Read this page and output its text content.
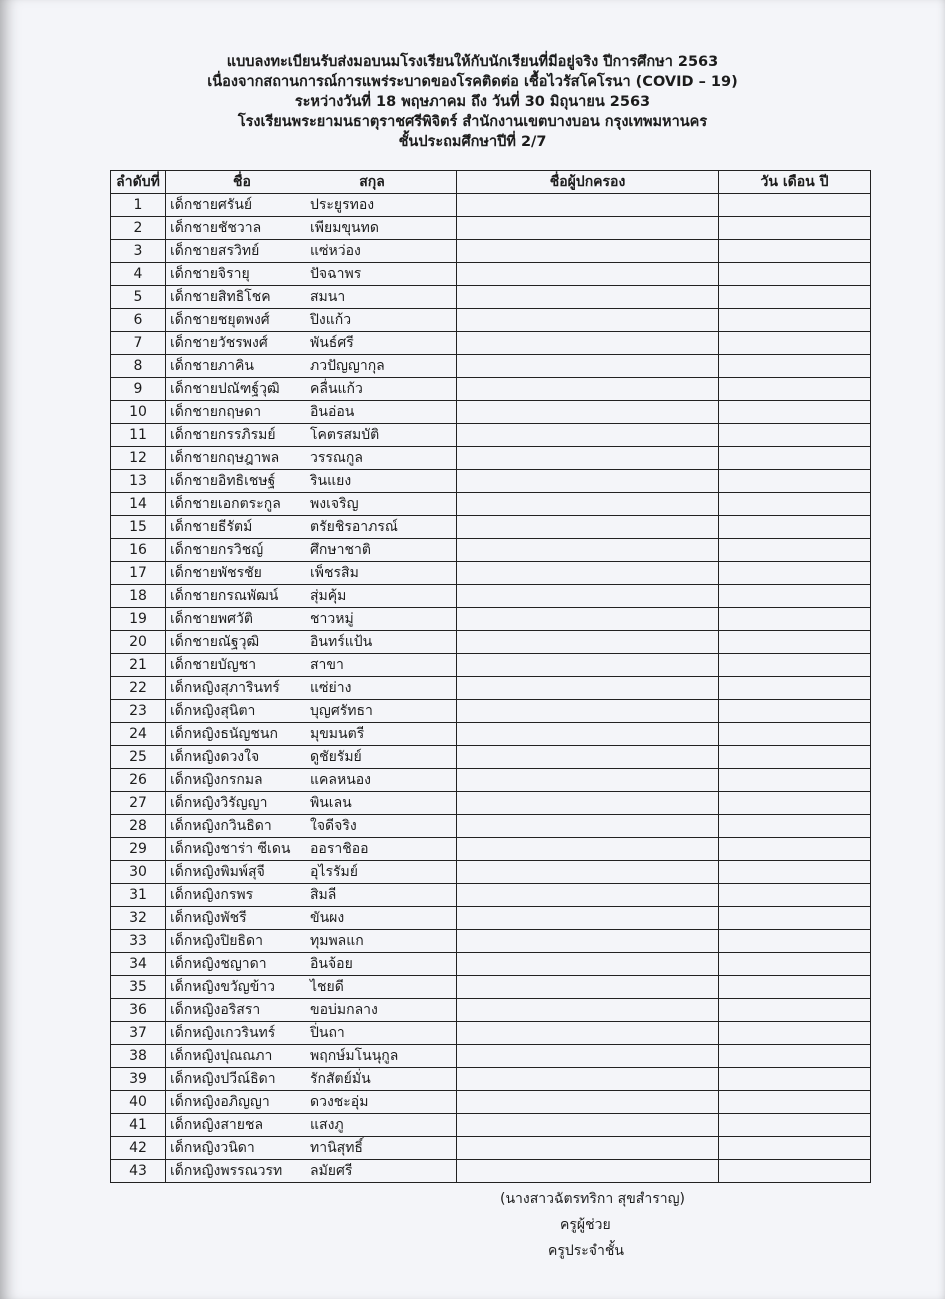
แบบลงทะเบียนรับส่งมอบนมโรงเรียนให้กับนักเรียนที่มีอยู่จริง ปีการศึกษา 2563
เนื่องจากสถานการณ์การแพร่ระบาดของโรคติดต่อ เชื้อไวรัสโคโรนา (COVID – 19)
ระหว่างวันที่ 18 พฤษภาคม ถึง วันที่ 30 มิถุนายน 2563
โรงเรียนพระยามนธาตุราชศรีพิจิตร์ สำนักงานเขตบางบอน กรุงเทพมหานคร
ชั้นประถมศึกษาปีที่ 2/7
ลำดับที่	ชื่อ สกุล	ชื่อผู้ปกครอง	วัน เดือน ปี
1	เด็กชายศรันย์ ประยูรทอง		
2	เด็กชายชัชวาล เพียมขุนทด		
3	เด็กชายสรวิทย์ แซ่หว่อง		
4	เด็กชายจิรายุ ปัจฉาพร		
5	เด็กชายสิทธิโชค สมนา		
6	เด็กชายชยุตพงศ์ ปิงแก้ว		
7	เด็กชายวัชรพงศ์ พันธ์ศรี		
8	เด็กชายภาคิน ภวปัญญากุล		
9	เด็กชายปณัฑฐ์วุฒิ คลื่นแก้ว		
10	เด็กชายกฤษดา อินอ่อน		
11	เด็กชายกรรภิรมย์ โคตรสมบัติ		
12	เด็กชายกฤษฎาพล วรรณกูล		
13	เด็กชายอิทธิเชษฐ์ รินแยง		
14	เด็กชายเอกตระกูล พงเจริญ		
15	เด็กชายธีรัตม์ ตรัยชิรอาภรณ์		
16	เด็กชายกรวิชญ์ ศึกษาชาติ		
17	เด็กชายพัชรชัย เพ็ชรสิม		
18	เด็กชายกรณพัฒน์ สุ่มคุ้ม		
19	เด็กชายพศวัติ ชาวหมู่		
20	เด็กชายณัฐวุฒิ อินทร์แป้น		
21	เด็กชายบัญชา สาขา		
22	เด็กหญิงสุภารินทร์ แซ่ย่าง		
23	เด็กหญิงสุนิตา บุญศรัทธา		
24	เด็กหญิงธนัญชนก มุขมนตรี		
25	เด็กหญิงดวงใจ ดูชัยรัมย์		
26	เด็กหญิงกรกมล แคลหนอง		
27	เด็กหญิงวิรัญญา พินเลน		
28	เด็กหญิงกวินธิดา ใจดีจริง		
29	เด็กหญิงชาร่า ซีเดน ออราชิออ		
30	เด็กหญิงพิมพ์สุจี อุไรรัมย์		
31	เด็กหญิงกรพร สิมลี		
32	เด็กหญิงพัชรี ขันผง		
33	เด็กหญิงปิยธิดา ทุมพลแก		
34	เด็กหญิงชญาดา อินจ้อย		
35	เด็กหญิงขวัญข้าว ไชยดี		
36	เด็กหญิงอริสรา ขอบ่มกลาง		
37	เด็กหญิงเกวรินทร์ ปิ่นถา		
38	เด็กหญิงปุณณภา พฤกษ์มโนนุกูล		
39	เด็กหญิงปวีณ์ธิดา รักสัตย์มั่น		
40	เด็กหญิงอภิญญา ดวงชะอุ่ม		
41	เด็กหญิงสายชล แสงภู		
42	เด็กหญิงวนิดา ทานิสุทธิ์		
43	เด็กหญิงพรรณวรท ลมัยศรี		
(นางสาวฉัตรทริกา สุขสำราญ)
ครูผู้ช่วย
ครูประจำชั้น
